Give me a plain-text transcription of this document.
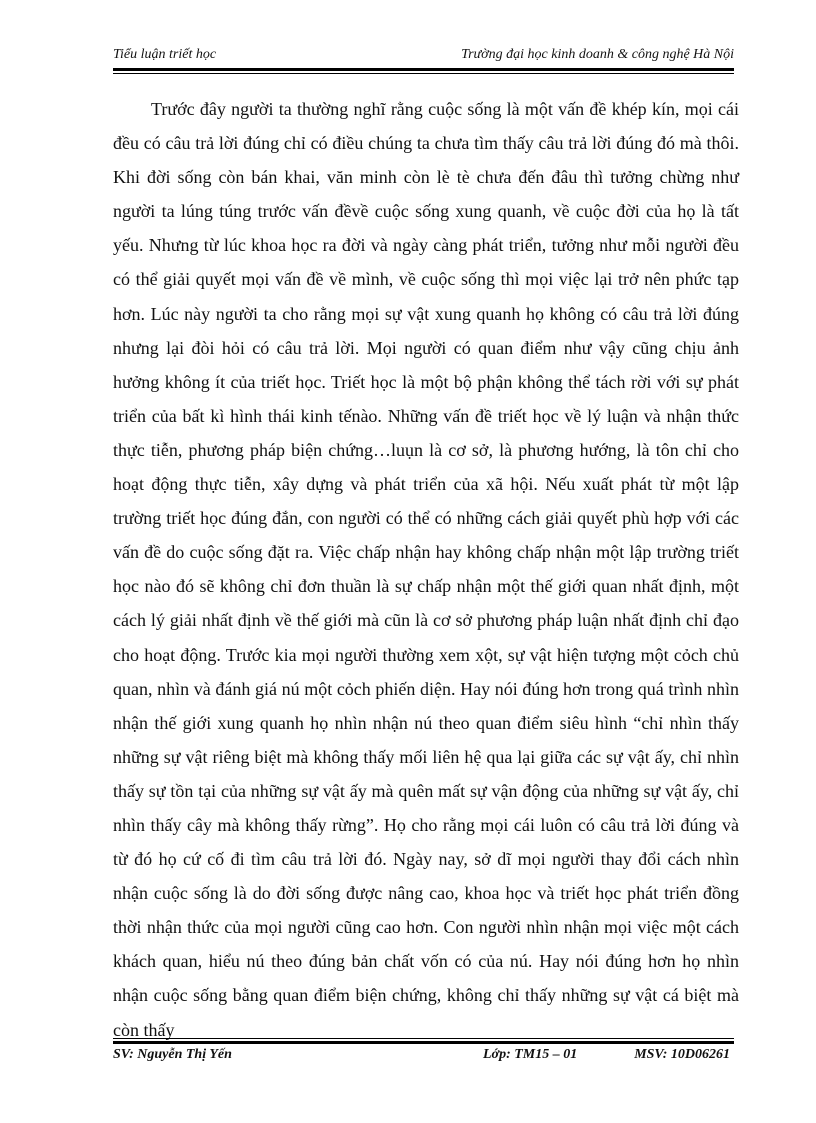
Tiểu luận triết học	Trường đại học kinh doanh & công nghệ Hà Nội

Trước đây người ta thường nghĩ rằng cuộc sống là một vấn đề khép kín, mọi cái đều có câu trả lời đúng chỉ có điều chúng ta chưa tìm thấy câu trả lời đúng đó mà thôi. Khi đời sống còn bán khai, văn minh còn lè tè chưa đến đâu thì tưởng chừng như người ta lúng túng trước vấn đềvề cuộc sống xung quanh, về cuộc đời của họ là tất yếu. Nhưng từ lúc khoa học ra đời và ngày càng phát triển, tưởng như mỗi người đều có thể giải quyết mọi vấn đề về mình, về cuộc sống thì mọi việc lại trở nên phức tạp hơn. Lúc này người ta cho rằng mọi sự vật xung quanh họ không có câu trả lời đúng nhưng lại đòi hỏi có câu trả lời. Mọi người có quan điểm như vậy cũng chịu ảnh hưởng không ít của triết học. Triết học là một bộ phận không thể tách rời với sự phát triển của bất kì hình thái kinh tếnào. Những vấn đề triết học về lý luận và nhận thức thực tiễn, phương pháp biện chứng…luụn là cơ sở, là phương hướng, là tôn chỉ cho hoạt động thực tiễn, xây dựng và phát triển của xã hội. Nếu xuất phát từ một lập trường triết học đúng đắn, con người có thể có những cách giải quyết phù hợp với các vấn đề do cuộc sống đặt ra. Việc chấp nhận hay không chấp nhận một lập trường triết học nào đó sẽ không chỉ đơn thuần là sự chấp nhận một thế giới quan nhất định, một cách lý giải nhất định về thế giới mà cũn là cơ sở phương pháp luận nhất định chỉ đạo cho hoạt động. Trước kia mọi người thường xem xột, sự vật hiện tượng một cỏch chủ quan, nhìn và đánh giá nú một cỏch phiến diện. Hay nói đúng hơn trong quá trình nhìn nhận thế giới xung quanh họ nhìn nhận nú theo quan điểm siêu hình “chỉ nhìn thấy những sự vật riêng biệt mà không thấy mối liên hệ qua lại giữa các sự vật ấy, chỉ nhìn thấy sự tồn tại của những sự vật ấy mà quên mất sự vận động của những sự vật ấy, chỉ nhìn thấy cây mà không thấy rừng”. Họ cho rằng mọi cái luôn có câu trả lời đúng và từ đó họ cứ cố đi tìm câu trả lời đó. Ngày nay, sở dĩ mọi người thay đổi cách nhìn nhận cuộc sống là do đời sống được nâng cao, khoa học và triết học phát triển đồng thời nhận thức của mọi người cũng cao hơn. Con người nhìn nhận mọi việc một cách khách quan, hiểu nú theo đúng bản chất vốn có của nú. Hay nói đúng hơn họ nhìn nhận cuộc sống bằng quan điểm biện chứng, không chỉ thấy những sự vật cá biệt mà còn thấy

SV: Nguyễn Thị Yến	Lớp: TM15 – 01	MSV: 10D06261
